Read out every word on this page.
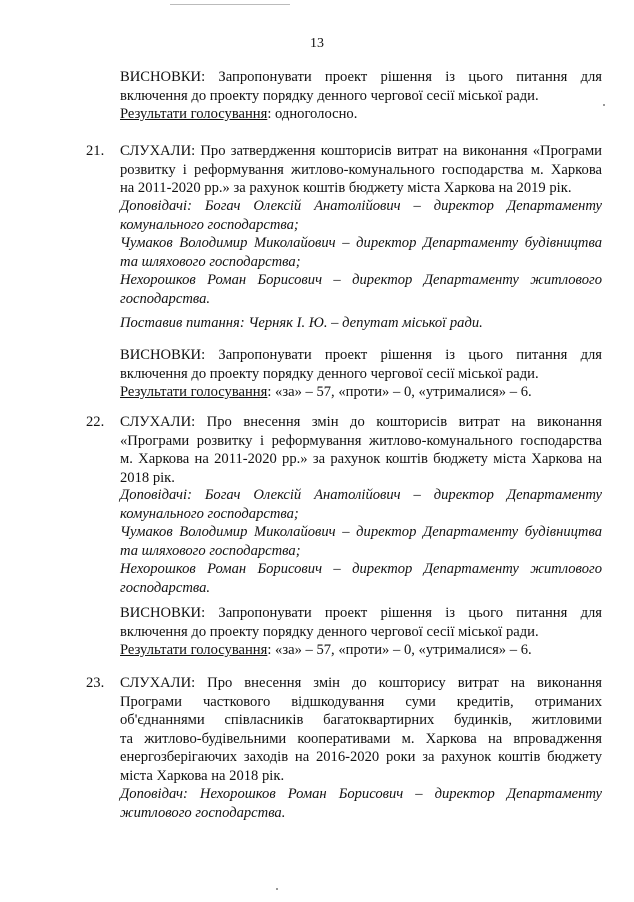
13
ВИСНОВКИ: Запропонувати проект рішення із цього питання для
включення до проекту порядку денного чергової сесії міської ради.
Результати голосування: одноголосно.
21. СЛУХАЛИ: Про затвердження кошторисів витрат на виконання «Програми
розвитку і реформування житлово-комунального господарства м. Харкова
на 2011-2020 рр.» за рахунок коштів бюджету міста Харкова на 2019 рік.
Доповідачі: Богач Олексій Анатолійович – директор Департаменту
комунального господарства;
Чумаков Володимир Миколайович – директор Департаменту будівництва
та шляхового господарства;
Нехорошков Роман Борисович – директор Департаменту житлового
господарства.
Поставив питання: Черняк І. Ю. – депутат міської ради.
ВИСНОВКИ: Запропонувати проект рішення із цього питання для
включення до проекту порядку денного чергової сесії міської ради.
Результати голосування: «за» – 57, «проти» – 0, «утрималися» – 6.
22. СЛУХАЛИ: Про внесення змін до кошторисів витрат на виконання
«Програми розвитку і реформування житлово-комунального господарства
м. Харкова на 2011-2020 рр.» за рахунок коштів бюджету міста Харкова на
2018 рік.
Доповідачі: Богач Олексій Анатолійович – директор Департаменту
комунального господарства;
Чумаков Володимир Миколайович – директор Департаменту будівництва
та шляхового господарства;
Нехорошков Роман Борисович – директор Департаменту житлового
господарства.
ВИСНОВКИ: Запропонувати проект рішення із цього питання для
включення до проекту порядку денного чергової сесії міської ради.
Результати голосування: «за» – 57, «проти» – 0, «утрималися» – 6.
23. СЛУХАЛИ: Про внесення змін до кошторису витрат на виконання
Програми часткового відшкодування суми кредитів, отриманих
об'єднаннями співласників багатоквартирних будинків, житловими
та житлово-будівельними кооперативами м. Харкова на впровадження
енергозберігаючих заходів на 2016-2020 роки за рахунок коштів бюджету
міста Харкова на 2018 рік.
Доповідач: Нехорошков Роман Борисович – директор Департаменту
житлового господарства.
